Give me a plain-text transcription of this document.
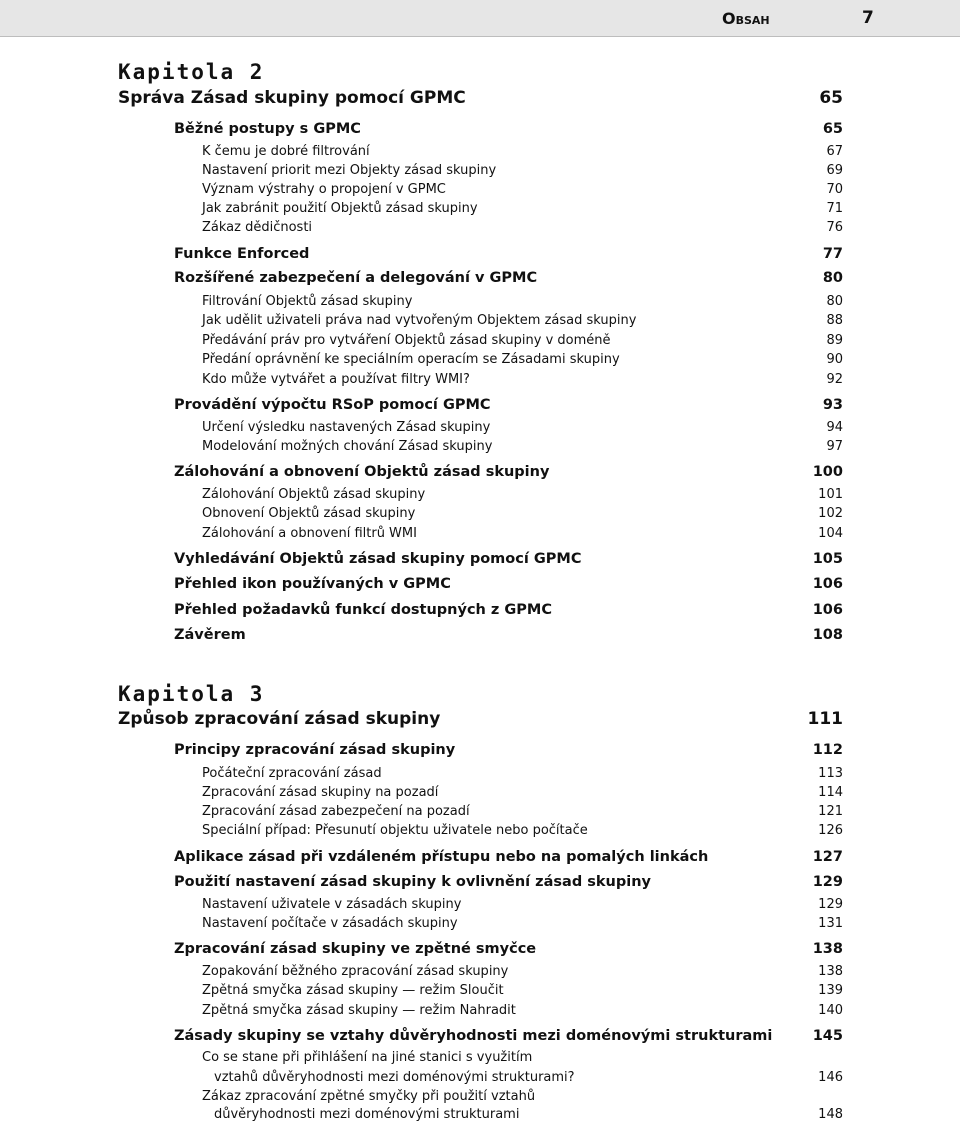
Obsah	7
Kapitola 2
Správa Zásad skupiny pomocí GPMC	65
Běžné postupy s GPMC	65
K čemu je dobré filtrování	67
Nastavení priorit mezi Objekty zásad skupiny	69
Význam výstrahy o propojení v GPMC	70
Jak zabránit použití Objektů zásad skupiny	71
Zákaz dědičnosti	76
Funkce Enforced	77
Rozšířené zabezpečení a delegování v GPMC	80
Filtrování Objektů zásad skupiny	80
Jak udělit uživateli práva nad vytvořeným Objektem zásad skupiny	88
Předávání práv pro vytváření Objektů zásad skupiny v doméně	89
Předání oprávnění ke speciálním operacím se Zásadami skupiny	90
Kdo může vytvářet a používat filtry WMI?	92
Provádění výpočtu RSoP pomocí GPMC	93
Určení výsledku nastavených Zásad skupiny	94
Modelování možných chování Zásad skupiny	97
Zálohování a obnovení Objektů zásad skupiny	100
Zálohování Objektů zásad skupiny	101
Obnovení Objektů zásad skupiny	102
Zálohování a obnovení filtrů WMI	104
Vyhledávání Objektů zásad skupiny pomocí GPMC	105
Přehled ikon používaných v GPMC	106
Přehled požadavků funkcí dostupných z GPMC	106
Závěrem	108
Kapitola 3
Způsob zpracování zásad skupiny	111
Principy zpracování zásad skupiny	112
Počáteční zpracování zásad	113
Zpracování zásad skupiny na pozadí	114
Zpracování zásad zabezpečení na pozadí	121
Speciální případ: Přesunutí objektu uživatele nebo počítače	126
Aplikace zásad při vzdáleném přístupu nebo na pomalých linkách	127
Použití nastavení zásad skupiny k ovlivnění zásad skupiny	129
Nastavení uživatele v zásadách skupiny	129
Nastavení počítače v zásadách skupiny	131
Zpracování zásad skupiny ve zpětné smyčce	138
Zopakování běžného zpracování zásad skupiny	138
Zpětná smyčka zásad skupiny — režim Sloučit	139
Zpětná smyčka zásad skupiny — režim Nahradit	140
Zásady skupiny se vztahy důvěryhodnosti mezi doménovými strukturami	145
Co se stane při přihlášení na jiné stanici s využitím
vztahů důvěryhodnosti mezi doménovými strukturami?	146
Zákaz zpracování zpětné smyčky při použití vztahů
důvěryhodnosti mezi doménovými strukturami	148
